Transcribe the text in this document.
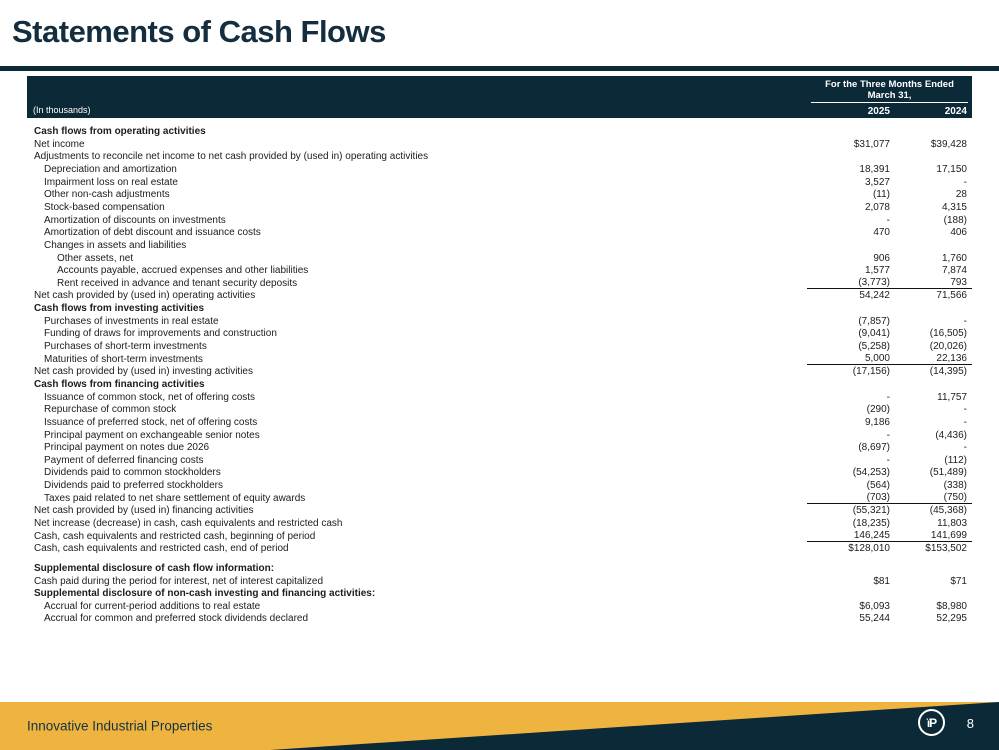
Statements of Cash Flows
(In thousands)
For the Three Months Ended
March 31,
2025	2024
Cash flows from operating activities
Net income	$31,077	$39,428
Adjustments to reconcile net income to net cash provided by (used in) operating activities
Depreciation and amortization	18,391	17,150
Impairment loss on real estate	3,527	-
Other non-cash adjustments	(11)	28
Stock-based compensation	2,078	4,315
Amortization of discounts on investments	-	(188)
Amortization of debt discount and issuance costs	470	406
Changes in assets and liabilities
Other assets, net	906	1,760
Accounts payable, accrued expenses and other liabilities	1,577	7,874
Rent received in advance and tenant security deposits	(3,773)	793
Net cash provided by (used in) operating activities	54,242	71,566
Cash flows from investing activities
Purchases of investments in real estate	(7,857)	-
Funding of draws for improvements and construction	(9,041)	(16,505)
Purchases of short-term investments	(5,258)	(20,026)
Maturities of short-term investments	5,000	22,136
Net cash provided by (used in) investing activities	(17,156)	(14,395)
Cash flows from financing activities
Issuance of common stock, net of offering costs	-	11,757
Repurchase of common stock	(290)	-
Issuance of preferred stock, net of offering costs	9,186	-
Principal payment on exchangeable senior notes	-	(4,436)
Principal payment on notes due 2026	(8,697)	-
Payment of deferred financing costs	-	(112)
Dividends paid to common stockholders	(54,253)	(51,489)
Dividends paid to preferred stockholders	(564)	(338)
Taxes paid related to net share settlement of equity awards	(703)	(750)
Net cash provided by (used in) financing activities	(55,321)	(45,368)
Net increase (decrease) in cash, cash equivalents and restricted cash	(18,235)	11,803
Cash, cash equivalents and restricted cash, beginning of period	146,245	141,699
Cash, cash equivalents and restricted cash, end of period	$128,010	$153,502
Supplemental disclosure of cash flow information:
Cash paid during the period for interest, net of interest capitalized	$81	$71
Supplemental disclosure of non-cash investing and financing activities:
Accrual for current-period additions to real estate	$6,093	$8,980
Accrual for common and preferred stock dividends declared	55,244	52,295
Innovative Industrial Properties	ïP	8
